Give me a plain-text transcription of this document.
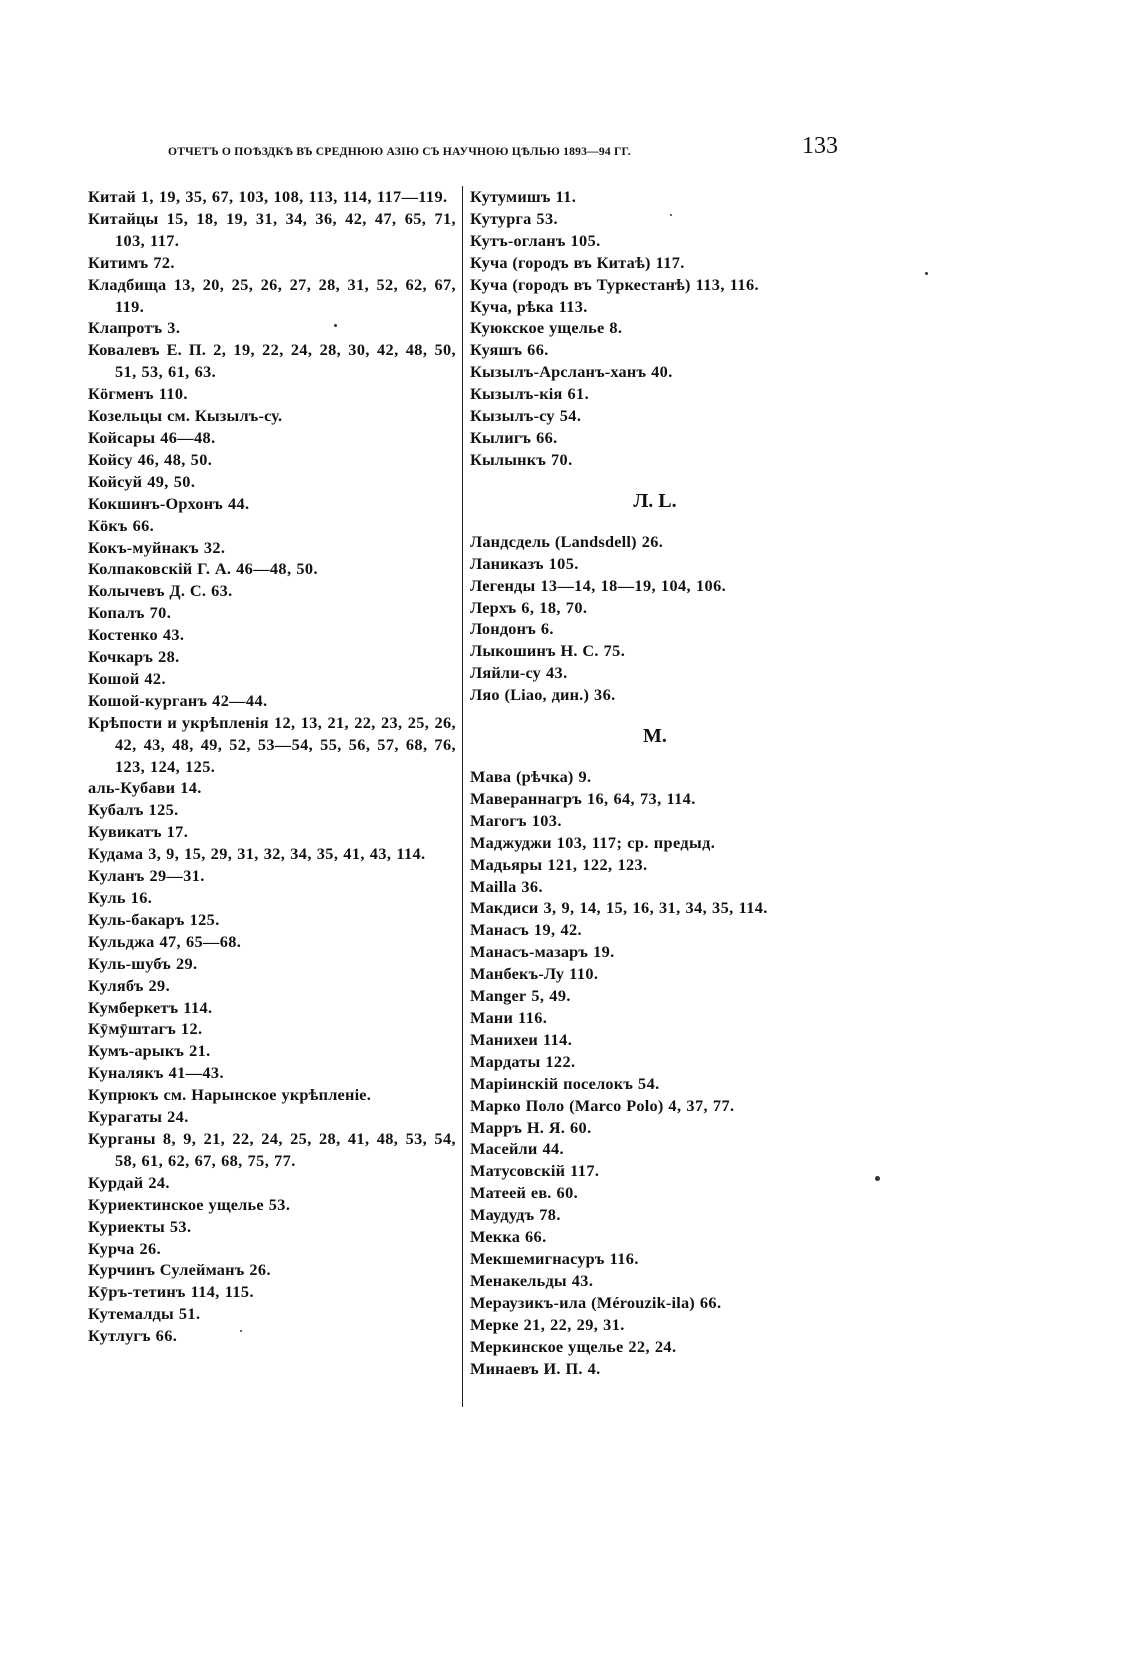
ОТЧЕТЪ О ПОѢЗДКѢ ВЪ СРЕДНЮЮ АЗІЮ СЪ НАУЧНОЮ ЦѢЛЬЮ 1893—94 ГГ.	133
Китай 1, 19, 35, 67, 103, 108, 113, 114, 117—119.
Китайцы 15, 18, 19, 31, 34, 36, 42, 47, 65, 71, 103, 117.
Китимъ 72.
Кладбища 13, 20, 25, 26, 27, 28, 31, 52, 62, 67, 119.
Клапротъ 3.
Ковалевъ Е. П. 2, 19, 22, 24, 28, 30, 42, 48, 50, 51, 53, 61, 63.
Кöгменъ 110.
Козельцы см. Кызылъ-су.
Койсары 46—48.
Койсу 46, 48, 50.
Койсуй 49, 50.
Кокшинъ-Орхонъ 44.
Кöкъ 66.
Кокъ-муйнакъ 32.
Колпаковскій Г. А. 46—48, 50.
Колычевъ Д. С. 63.
Копалъ 70.
Костенко 43.
Кочкаръ 28.
Кошой 42.
Кошой-курганъ 42—44.
Крѣпости и укрѣпленія 12, 13, 21, 22, 23, 25, 26, 42, 43, 48, 49, 52, 53—54, 55, 56, 57, 68, 76, 123, 124, 125.
аль-Кубави 14.
Кубалъ 125.
Кувикатъ 17.
Кудама 3, 9, 15, 29, 31, 32, 34, 35, 41, 43, 114.
Куланъ 29—31.
Куль 16.
Куль-бакаръ 125.
Кульджа 47, 65—68.
Куль-шубъ 29.
Кулябъ 29.
Кумберкетъ 114.
Кӯмӯштагъ 12.
Кумъ-арыкъ 21.
Куналякъ 41—43.
Купрюкъ см. Нарынское укрѣпленіе.
Курагаты 24.
Курганы 8, 9, 21, 22, 24, 25, 28, 41, 48, 53, 54, 58, 61, 62, 67, 68, 75, 77.
Курдай 24.
Куриектинское ущелье 53.
Куриекты 53.
Курча 26.
Курчинъ Сулейманъ 26.
Кӯръ-тетинъ 114, 115.
Кутемалды 51.
Кутлугъ 66.
Кутумишъ 11.
Кутурга 53.
Кутъ-огланъ 105.
Куча (городъ въ Китаѣ) 117.
Куча (городъ въ Туркестанѣ) 113, 116.
Куча, рѣка 113.
Куюкское ущелье 8.
Куяшъ 66.
Кызылъ-Арсланъ-ханъ 40.
Кызылъ-кія 61.
Кызылъ-су 54.
Кылигъ 66.
Кылынкъ 70.
Л. L.
Ландсдель (Landsdell) 26.
Ланиказъ 105.
Легенды 13—14, 18—19, 104, 106.
Лерхъ 6, 18, 70.
Лондонъ 6.
Лыкошинъ Н. С. 75.
Ляйли-су 43.
Ляо (Liao, дин.) 36.
М.
Мава (рѣчка) 9.
Мавераннагръ 16, 64, 73, 114.
Магогъ 103.
Маджуджи 103, 117; ср. предыд.
Мадьяры 121, 122, 123.
Mailla 36.
Макдиси 3, 9, 14, 15, 16, 31, 34, 35, 114.
Манасъ 19, 42.
Манасъ-мазаръ 19.
Манбекъ-Лу 110.
Manger 5, 49.
Мани 116.
Манихеи 114.
Мардаты 122.
Маріинскій поселокъ 54.
Марко Поло (Marco Polo) 4, 37, 77.
Марръ Н. Я. 60.
Масейли 44.
Матусовскій 117.
Матеей ев. 60.
Маудудъ 78.
Мекка 66.
Мекшемигнасуръ 116.
Менакельды 43.
Мераузикъ-ила (Mérouzik-ila) 66.
Мерке 21, 22, 29, 31.
Меркинское ущелье 22, 24.
Минаевъ И. П. 4.
